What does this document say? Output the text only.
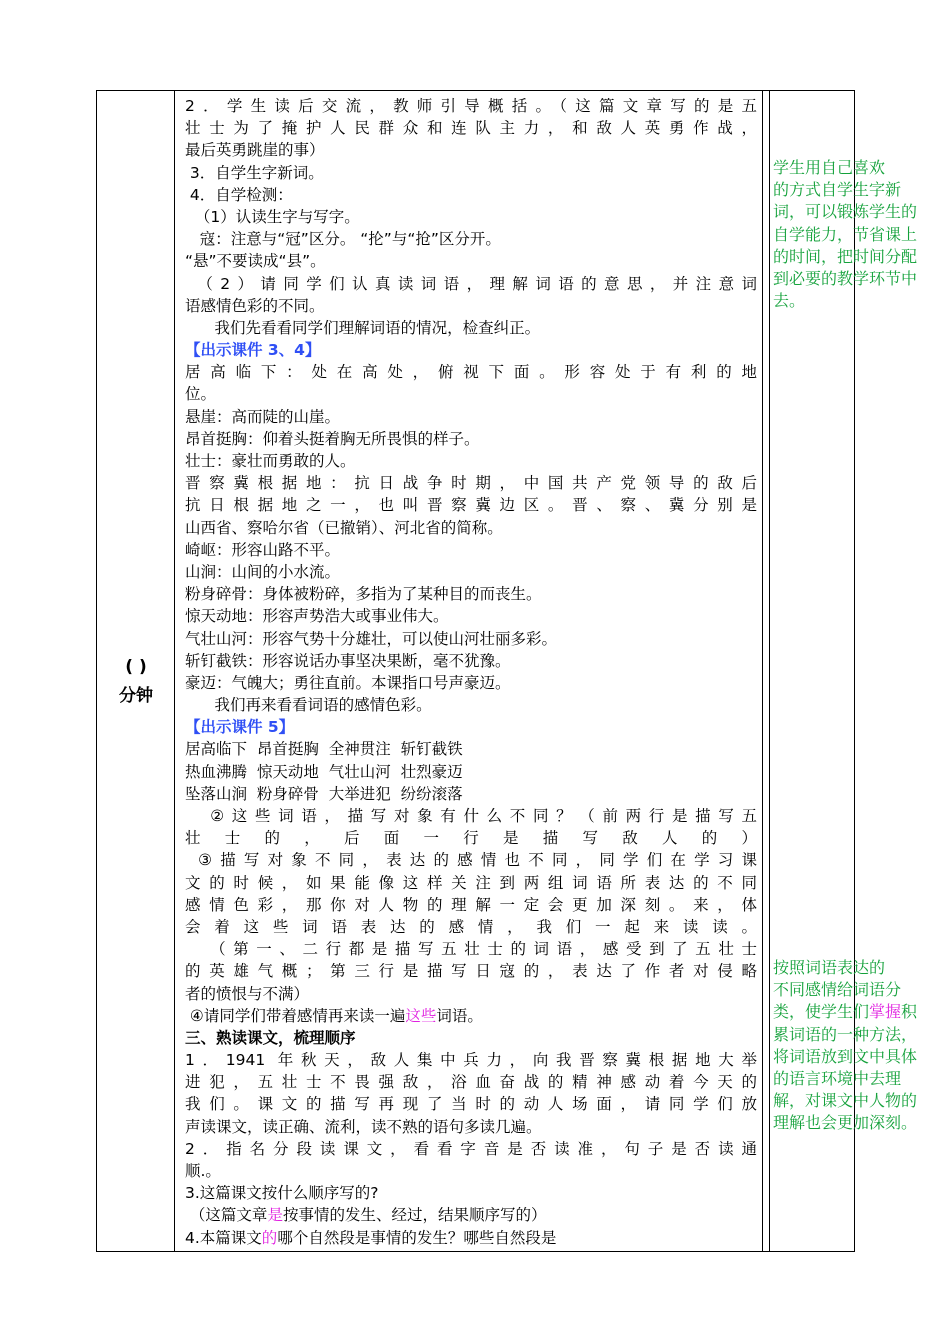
( )
分钟
2．学生读后交流，教师引导概括。（这篇文章写的是五
壮士为了掩护人民群众和连队主力，和敌人英勇作战，
最后英勇跳崖的事）
3．自学生字新词。
4．自学检测：
（1）认读生字与写字。
寇：注意与“冠”区分。 “抡”与“抢”区分开。
“悬”不要读成“县”。
（2）请同学们认真读词语，理解词语的意思，并注意词
语感情色彩的不同。
我们先看看同学们理解词语的情况，检查纠正。
【出示课件 3、4】
居高临下：处在高处，俯视下面。形容处于有利的地
位。
悬崖：高而陡的山崖。
昂首挺胸：仰着头挺着胸无所畏惧的样子。
壮士：豪壮而勇敢的人。
晋察冀根据地：抗日战争时期，中国共产党领导的敌后
抗日根据地之一，也叫晋察冀边区。晋、察、冀分别是
山西省、察哈尔省（已撤销）、河北省的简称。
崎岖：形容山路不平。
山涧：山间的小水流。
粉身碎骨：身体被粉碎，多指为了某种目的而丧生。
惊天动地：形容声势浩大或事业伟大。
气壮山河：形容气势十分雄壮，可以使山河壮丽多彩。
斩钉截铁：形容说话办事坚决果断，毫不犹豫。
豪迈：气魄大；勇往直前。本课指口号声豪迈。
我们再来看看词语的感情色彩。
【出示课件 5】
居高临下  昂首挺胸  全神贯注  斩钉截铁
热血沸腾  惊天动地  气壮山河  壮烈豪迈
坠落山涧  粉身碎骨  大举进犯  纷纷滚落
②这些词语，描写对象有什么不同？（前两行是描写五
壮士的，后面一行是描写敌人的）
③描写对象不同，表达的感情也不同，同学们在学习课
文的时候，如果能像这样关注到两组词语所表达的不同
感情色彩，那你对人物的理解一定会更加深刻。来，体
会着这些词语表达的感情，我们一起来读读。
（第一、二行都是描写五壮士的词语，感受到了五壮士
的英雄气概；第三行是描写日寇的，表达了作者对侵略
者的愤恨与不满）
④请同学们带着感情再来读一遍这些词语。
三、熟读课文，梳理顺序
1．1941 年秋天，敌人集中兵力，向我晋察冀根据地大举
进犯，五壮士不畏强敌，浴血奋战的精神感动着今天的
我们。课文的描写再现了当时的动人场面，请同学们放
声读课文，读正确、流利，读不熟的语句多读几遍。
2．指名分段读课文，看看字音是否读准，句子是否读通
顺.。
3.这篇课文按什么顺序写的?
（这篇文章是按事情的发生、经过，结果顺序写的）
4.本篇课文的哪个自然段是事情的发生？哪些自然段是
学生用自己喜欢
的方式自学生字新
词，可以锻炼学生的
自学能力，节省课上
的时间，把时间分配
到必要的教学环节中
去。
按照词语表达的
不同感情给词语分
类，使学生们掌握积
累词语的一种方法，
将词语放到文中具体
的语言环境中去理
解，对课文中人物的
理解也会更加深刻。
